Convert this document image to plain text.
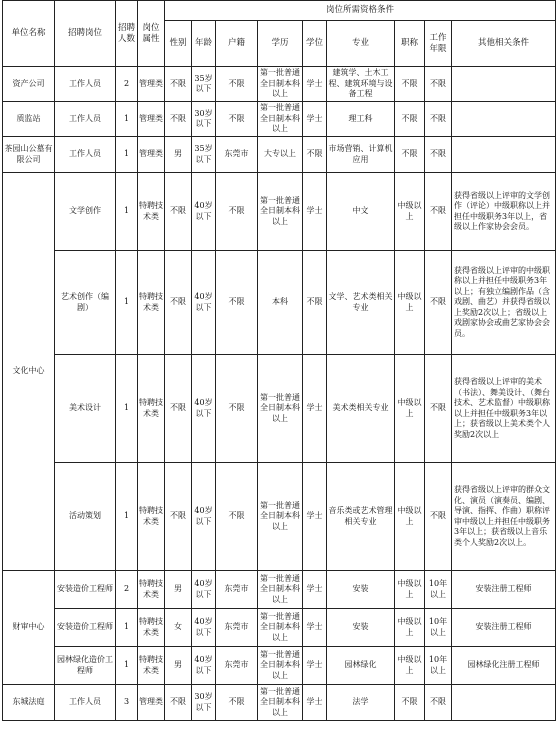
单位名称	招聘岗位	招聘人数	岗位属性	岗位所需资格条件								
				性别	年龄	户籍	学历	学位	专业	职称	工作年限	其他相关条件
资产公司	工作人员	2	管理类	不限	35岁以下	不限	第一批普通全日制本科以上	学士	建筑学、土木工程、建筑环境与设备工程	不限	不限	
质监站	工作人员	1	管理类	不限	30岁以下	不限	第一批普通全日制本科以上	学士	理工科	不限	不限	
茶园山公墓有限公司	工作人员	1	管理类	男	35岁以下	东莞市	大专以上	不限	市场营销、计算机应用	不限	不限	
文化中心	文学创作	1	特聘技术类	不限	40岁以下	不限	第一批普通全日制本科以上	学士	中文	中级以上	不限	获得省级以上评审的文学创作（评论）中级职称以上并担任中级职务3年以上，省级以上作家协会会员。
	艺术创作（编剧）	1	特聘技术类	不限	40岁以下	不限	本科	不限	文学、艺术类相关专业	中级以上	不限	获得省级以上评审的中级职称以上并担任中级职务3年以上；有独立编剧作品（含戏剧、曲艺）并获得省级以上奖励2次以上；省级以上戏剧家协会或曲艺家协会会员。
	美术设计	1	特聘技术类	不限	40岁以下	不限	第一批普通全日制本科以上	学士	美术类相关专业	中级以上	不限	获得省级以上评审的美术（书法）、舞美设计、（舞台技术、艺术监督）中级职称以上并担任中级职务3年以上；获省级以上美术类个人奖励2次以上
	活动策划	1	特聘技术类	不限	40岁以下	不限	第一批普通全日制本科以上	学士	音乐类或艺术管理相关专业	中级以上	不限	获得省级以上评审的群众文化、演员（演奏员、编剧、导演、指挥、作曲）职称评审中级以上并担任中级职务3年以上；获省级以上音乐类个人奖励2次以上。
财审中心	安装造价工程师	2	特聘技术类	男	40岁以下	东莞市	第一批普通全日制本科以上	学士	安装	中级以上	10年以上	安装注册工程师
	安装造价工程师	1	特聘技术类	女	40岁以下	东莞市	第一批普通全日制本科以上	学士	安装	中级以上	10年以上	安装注册工程师
	园林绿化造价工程师	1	特聘技术类	男	40岁以下	东莞市	第一批普通全日制本科以上	学士	园林绿化	中级以上	10年以上	园林绿化注册工程师
东城法庭	工作人员	3	管理类	不限	30岁以下	不限	第一批普通全日制本科以上	学士	法学	不限	不限	
